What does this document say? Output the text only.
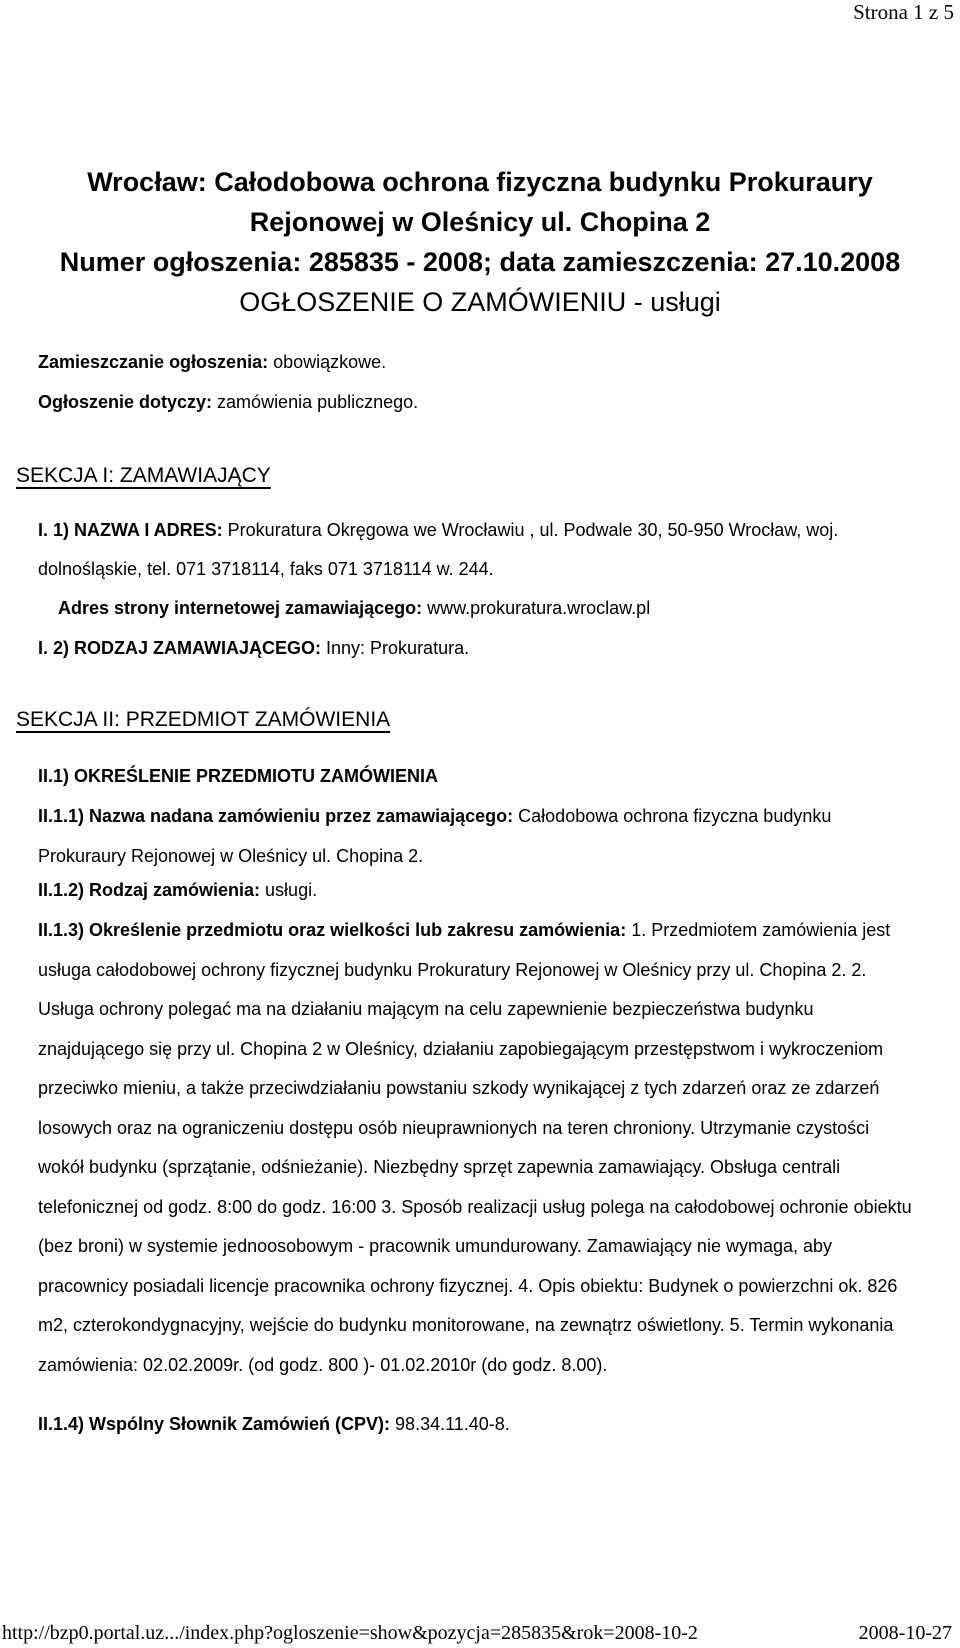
Strona 1 z 5
Wrocław: Całodobowa ochrona fizyczna budynku Prokuraury
Rejonowej w Oleśnicy ul. Chopina 2
Numer ogłoszenia: 285835 - 2008; data zamieszczenia: 27.10.2008
OGŁOSZENIE O ZAMÓWIENIU - usługi
Zamieszczanie ogłoszenia: obowiązkowe.
Ogłoszenie dotyczy: zamówienia publicznego.
SEKCJA I: ZAMAWIAJĄCY
I. 1) NAZWA I ADRES: Prokuratura Okręgowa we Wrocławiu , ul. Podwale 30, 50-950 Wrocław, woj.
dolnośląskie, tel. 071 3718114, faks 071 3718114 w. 244.
Adres strony internetowej zamawiającego: www.prokuratura.wroclaw.pl
I. 2) RODZAJ ZAMAWIAJĄCEGO: Inny: Prokuratura.
SEKCJA II: PRZEDMIOT ZAMÓWIENIA
II.1) OKREŚLENIE PRZEDMIOTU ZAMÓWIENIA
II.1.1) Nazwa nadana zamówieniu przez zamawiającego: Całodobowa ochrona fizyczna budynku Prokuraury Rejonowej w Oleśnicy ul. Chopina 2.
II.1.2) Rodzaj zamówienia: usługi.
II.1.3) Określenie przedmiotu oraz wielkości lub zakresu zamówienia: 1. Przedmiotem zamówienia jest usługa całodobowej ochrony fizycznej budynku Prokuratury Rejonowej w Oleśnicy przy ul. Chopina 2. 2. Usługa ochrony polegać ma na działaniu mającym na celu zapewnienie bezpieczeństwa budynku znajdującego się przy ul. Chopina 2 w Oleśnicy, działaniu zapobiegającym przestępstwom i wykroczeniom przeciwko mieniu, a także przeciwdziałaniu powstaniu szkody wynikającej z tych zdarzeń oraz ze zdarzeń losowych oraz na ograniczeniu dostępu osób nieuprawnionych na teren chroniony. Utrzymanie czystości wokół budynku (sprzątanie, odśnieżanie). Niezbędny sprzęt zapewnia zamawiający. Obsługa centrali telefonicznej od godz. 8:00 do godz. 16:00 3. Sposób realizacji usług polega na całodobowej ochronie obiektu (bez broni) w systemie jednoosobowym - pracownik umundurowany. Zamawiający nie wymaga, aby pracownicy posiadali licencje pracownika ochrony fizycznej. 4. Opis obiektu: Budynek o powierzchni ok. 826 m2, czterokondygnacyjny, wejście do budynku monitorowane, na zewnątrz oświetlony. 5. Termin wykonania zamówienia: 02.02.2009r. (od godz. 800 )- 01.02.2010r (do godz. 8.00).
II.1.4) Wspólny Słownik Zamówień (CPV): 98.34.11.40-8.
http://bzp0.portal.uz.../index.php?ogloszenie=show&pozycja=285835&rok=2008-10-2	2008-10-27
